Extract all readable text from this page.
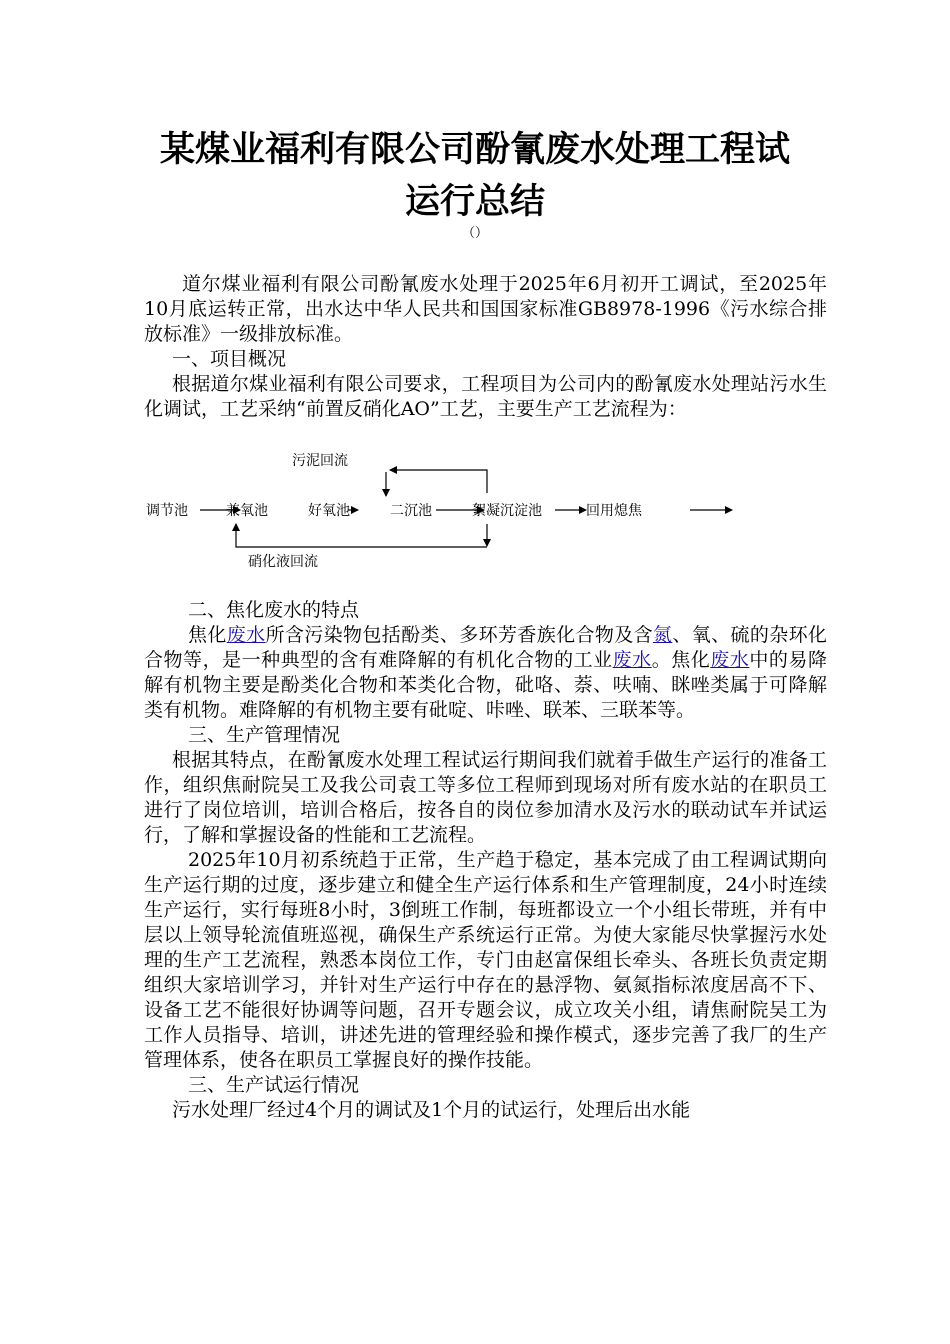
某煤业福利有限公司酚氰废水处理工程试
运行总结
（）

道尔煤业福利有限公司酚氰废水处理于2025年6月初开工调试，至2025年10月底运转正常，出水达中华人民共和国国家标准GB8978-1996《污水综合排放标准》一级排放标准。

一、项目概况

根据道尔煤业福利有限公司要求，工程项目为公司内的酚氰废水处理站污水生化调试，工艺采纳“前置反硝化AO”工艺，主要生产工艺流程为：

污泥回流
硝化液回流
调节池	兼氧池	好氧池	二沉池	絮凝沉淀池	回用熄焦

二、焦化废水的特点

焦化废水所含污染物包括酚类、多环芳香族化合物及含氮、氧、硫的杂环化合物等，是一种典型的含有难降解的有机化合物的工业废水。焦化废水中的易降解有机物主要是酚类化合物和苯类化合物，砒咯、萘、呋喃、眯唑类属于可降解类有机物。难降解的有机物主要有砒啶、咔唑、联苯、三联苯等。

三、生产管理情况

根据其特点，在酚氰废水处理工程试运行期间我们就着手做生产运行的准备工作，组织焦耐院吴工及我公司袁工等多位工程师到现场对所有废水站的在职员工进行了岗位培训，培训合格后，按各自的岗位参加清水及污水的联动试车并试运行，了解和掌握设备的性能和工艺流程。

2025年10月初系统趋于正常，生产趋于稳定，基本完成了由工程调试期向生产运行期的过度，逐步建立和健全生产运行体系和生产管理制度，24小时连续生产运行，实行每班8小时，3倒班工作制，每班都设立一个小组长带班，并有中层以上领导轮流值班巡视，确保生产系统运行正常。为使大家能尽快掌握污水处理的生产工艺流程，熟悉本岗位工作，专门由赵富保组长牵头、各班长负责定期组织大家培训学习，并针对生产运行中存在的悬浮物、氨氮指标浓度居高不下、设备工艺不能很好协调等问题，召开专题会议，成立攻关小组，请焦耐院吴工为工作人员指导、培训，讲述先进的管理经验和操作模式，逐步完善了我厂的生产管理体系，使各在职员工掌握良好的操作技能。

三、生产试运行情况

污水处理厂经过4个月的调试及1个月的试运行，处理后出水能
